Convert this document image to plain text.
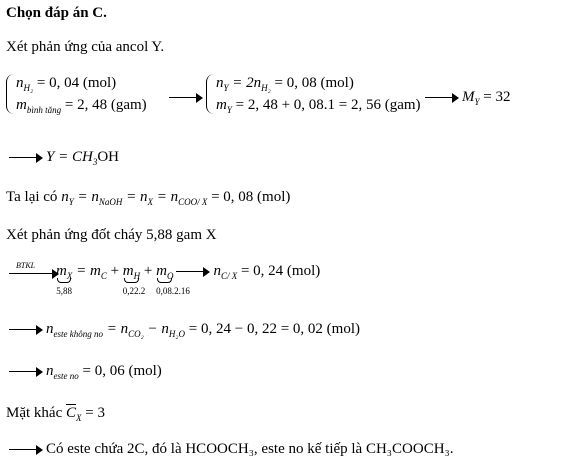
Chọn đáp án C.
Xét phản ứng của ancol Y.
$n_{H_2} = 0$, 04 (mol)
$m_{bình tăng} = 2$, 48 (gam)
$n_Y = 2n_{H_2} = 0$, 08 (mol)
$m_Y = 2$, 48 + 0, 08.1 = 2, 56 (gam)	$M_Y = 32$
$Y = CH_3OH$
Ta lại có $n_Y = n_{NaOH} = n_X = n_{COO/ X} = 0$, 08 (mol)
Xét phản ứng đốt cháy 5,88 gam X
BTKL $m_X$
5,88
= $m_C + m_H$
0,22.2
+ $m_O$
0,08.2.16
$n_{C/ X} = 0$, 24 (mol)
$n_{este không no} = n_{CO_2} - n_{H_2O} = 0$, 24 − 0, 22 = 0, 02 (mol)
$n_{este no} = 0$, 06 (mol)
Mặt khác $\overline{C}_X = 3$
Có este chứa 2C, đó là HCOOCH₃, este no kế tiếp là CH₃COOCH₃.
